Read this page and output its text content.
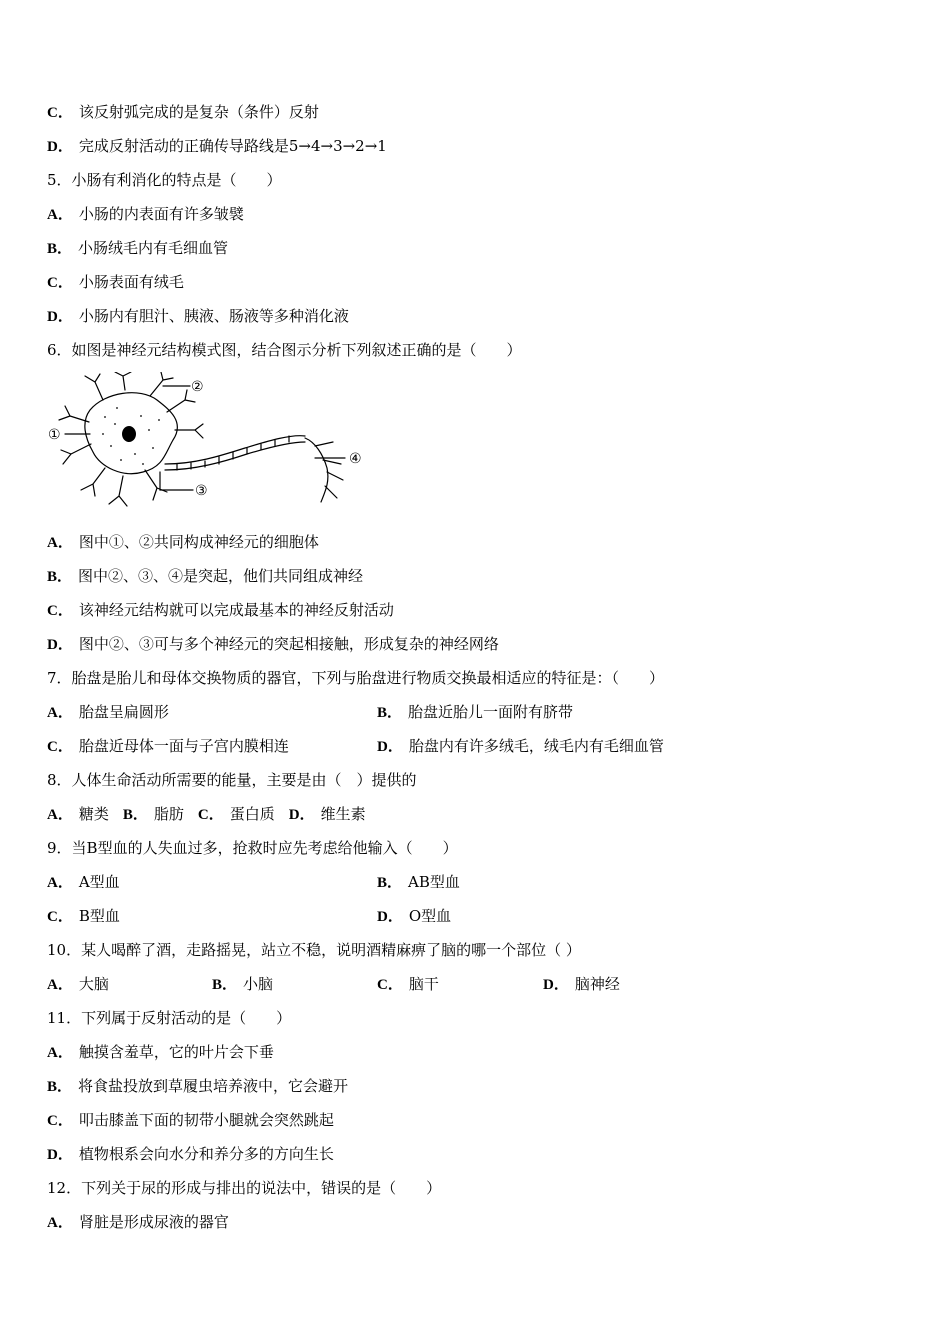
C． 该反射弧完成的是复杂（条件）反射
D． 完成反射活动的正确传导路线是5→4→3→2→1
5．小肠有利消化的特点是（　　）
A． 小肠的内表面有许多皱襞
B． 小肠绒毛内有毛细血管
C． 小肠表面有绒毛
D． 小肠内有胆汁、胰液、肠液等多种消化液
6．如图是神经元结构模式图，结合图示分析下列叙述正确的是（　　）
①
②
③
④
A． 图中①、②共同构成神经元的细胞体
B． 图中②、③、④是突起，他们共同组成神经
C． 该神经元结构就可以完成最基本的神经反射活动
D． 图中②、③可与多个神经元的突起相接触，形成复杂的神经网络
7．胎盘是胎儿和母体交换物质的器官，下列与胎盘进行物质交换最相适应的特征是：（　　）
A． 胎盘呈扁圆形	B． 胎盘近胎儿一面附有脐带
C． 胎盘近母体一面与子宫内膜相连	D． 胎盘内有许多绒毛，绒毛内有毛细血管
8．人体生命活动所需要的能量，主要是由（　）提供的
A． 糖类 B． 脂肪 C． 蛋白质 D． 维生素
9．当B型血的人失血过多，抢救时应先考虑给他输入（　　）
A． A型血	B． AB型血
C． B型血	D． O型血
10．某人喝醉了酒，走路摇晃，站立不稳，说明酒精麻痹了脑的哪一个部位（ ）
A． 大脑	B． 小脑	C． 脑干	D． 脑神经
11．下列属于反射活动的是（　　）
A． 触摸含羞草，它的叶片会下垂
B． 将食盐投放到草履虫培养液中，它会避开
C． 叩击膝盖下面的韧带小腿就会突然跳起
D． 植物根系会向水分和养分多的方向生长
12．下列关于尿的形成与排出的说法中，错误的是（　　）
A． 肾脏是形成尿液的器官
